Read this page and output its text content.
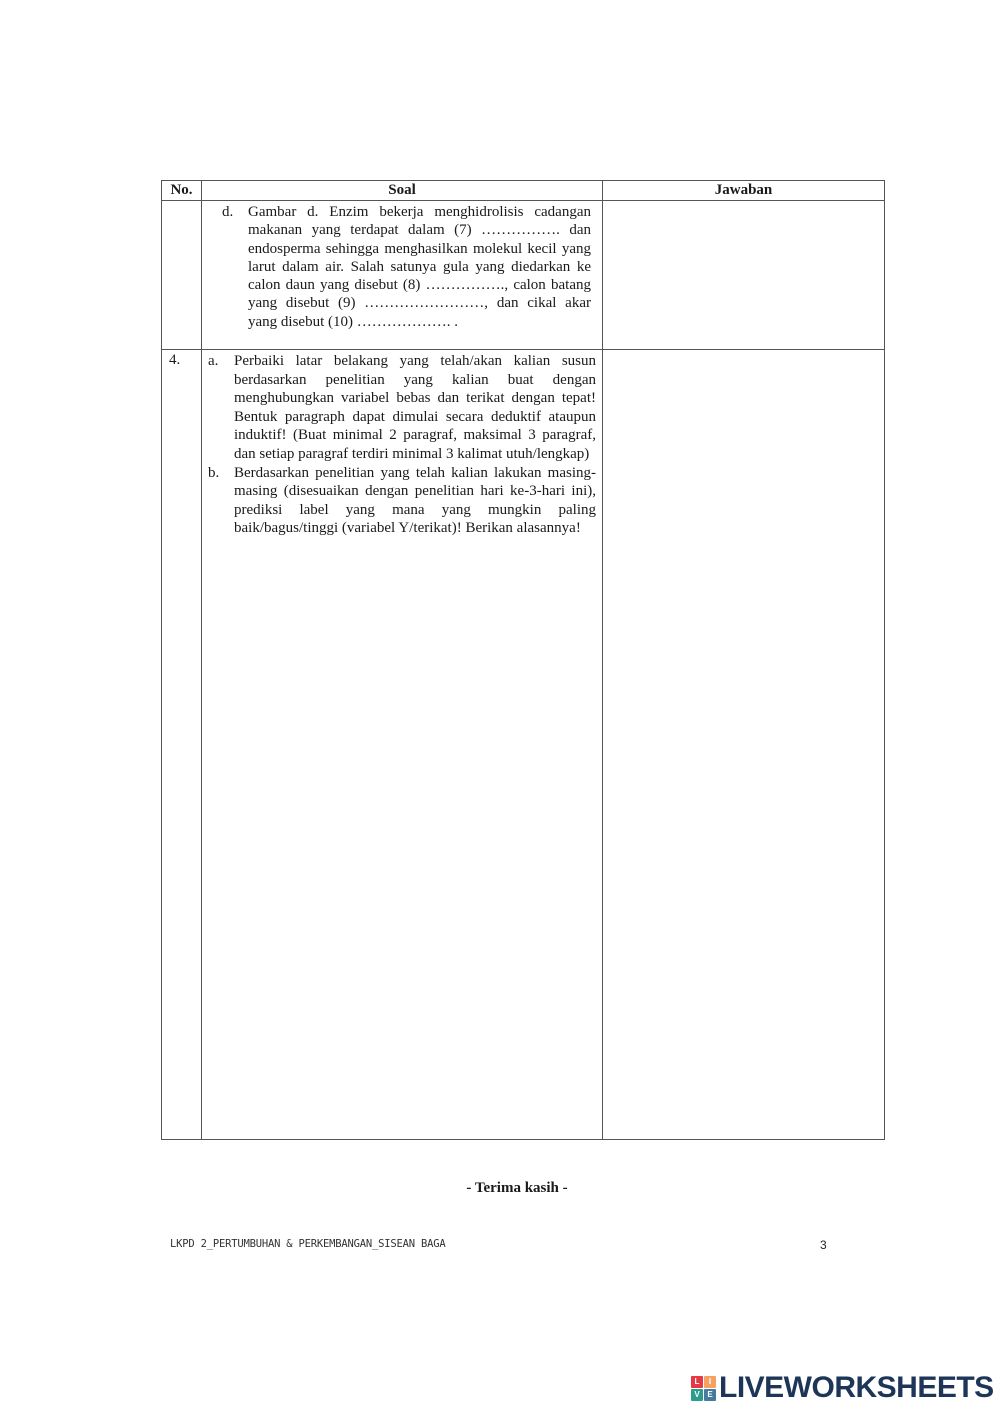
No.	Soal	Jawaban

	d. Gambar d. Enzim bekerja menghidrolisis cadangan makanan yang terdapat dalam (7) ……………. dan endosperma sehingga menghasilkan molekul kecil yang larut dalam air. Salah satunya gula yang diedarkan ke calon daun yang disebut (8) ……………., calon batang yang disebut (9) ……………………, dan cikal akar yang disebut (10) ………………. .	
4.	a. Perbaiki latar belakang yang telah/akan kalian susun berdasarkan penelitian yang kalian buat dengan menghubungkan variabel bebas dan terikat dengan tepat! Bentuk paragraph dapat dimulai secara deduktif ataupun induktif! (Buat minimal 2 paragraf, maksimal 3 paragraf, dan setiap paragraf terdiri minimal 3 kalimat utuh/lengkap)
b. Berdasarkan penelitian yang telah kalian lakukan masing-masing (disesuaikan dengan penelitian hari ke-3-hari ini), prediksi label yang mana yang mungkin paling baik/bagus/tinggi (variabel Y/terikat)! Berikan alasannya!	

- Terima kasih -
LKPD 2_PERTUMBUHAN & PERKEMBANGAN_SISEAN BAGA	3
L	I
V E LIVEWORKSHEETS
